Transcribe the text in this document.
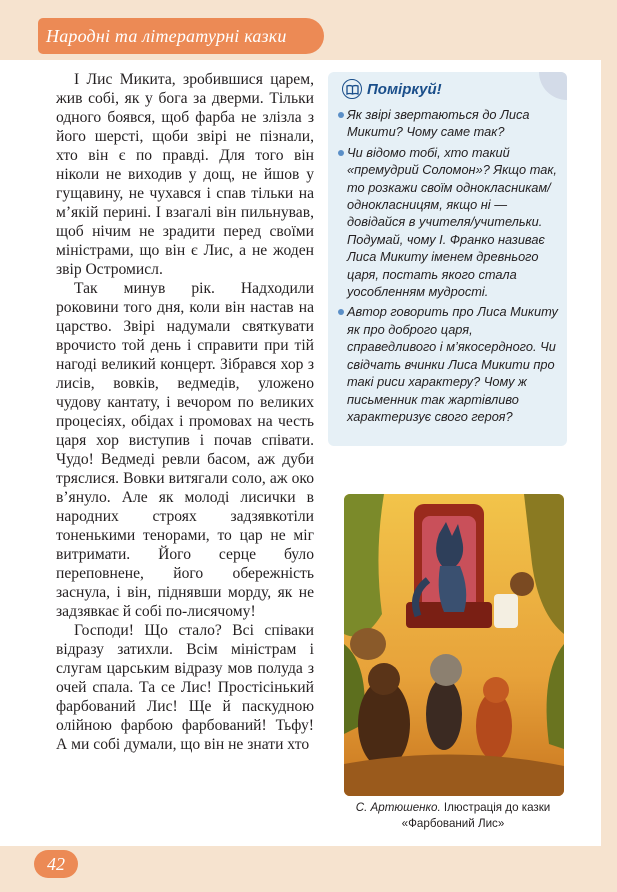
Народні та літературні казки

І Лис Микита, зробившися царем, жив собі, як у бога за дверми. Тільки одного боявся, щоб фарба не злізла з його шерсті, щоби звірі не пізнали, хто він є по правді. Для того він ніколи не виходив у дощ, не йшов у гущавину, не чухався і спав тільки на м’якій перині. І взагалі він пильнував, щоб нічим не зрадити перед своїми міністрами, що він є Лис, а не жоден звір Остромисл.

Так минув рік. Надходили роковини того дня, коли він настав на царство. Звірі надумали святкувати врочисто той день і справити при тій нагоді великий концерт. Зібрався хор з лисів, вовків, ведмедів, уложено чудову кантату, і вечором по великих процесіях, обідах і промовах на честь царя хор виступив і почав співати. Чудо! Ведмеді ревли басом, аж дуби тряслися. Вовки витягали соло, аж око в’януло. Але як молоді лисички в народних строях задзявкотіли тоненькими тенорами, то цар не міг витримати. Його серце було переповнене, його обережність заснула, і він, піднявши морду, як не задзявкає й собі по-лисячому!

Господи! Що стало? Всі співаки відразу затихли. Всім міністрам і слугам царським відразу мов полуда з очей спала. Та се Лис! Простісінький фарбований Лис! Ще й паскудною олійною фарбою фарбований! Тьфу! А ми собі думали, що він не знати хто

Поміркуй!
Як звірі звертаються до Лиса Микити? Чому саме так?
Чи відомо тобі, хто такий «премудрий Соломон»? Якщо так, то розкажи своїм однокласникам/однокласницям, якщо ні — довідайся в учителя/учительки. Подумай, чому І. Франко називає Лиса Микиту іменем древнього царя, постать якого стала уособленням мудрості.
Автор говорить про Лиса Микиту як про доброго царя, справедливого і м’якосердного. Чи свідчать вчинки Лиса Микити про такі риси характеру? Чому ж письменник так жартівливо характеризує свого героя?
С. Артюшенко. Ілюстрація до казки «Фарбований Лис»
42
